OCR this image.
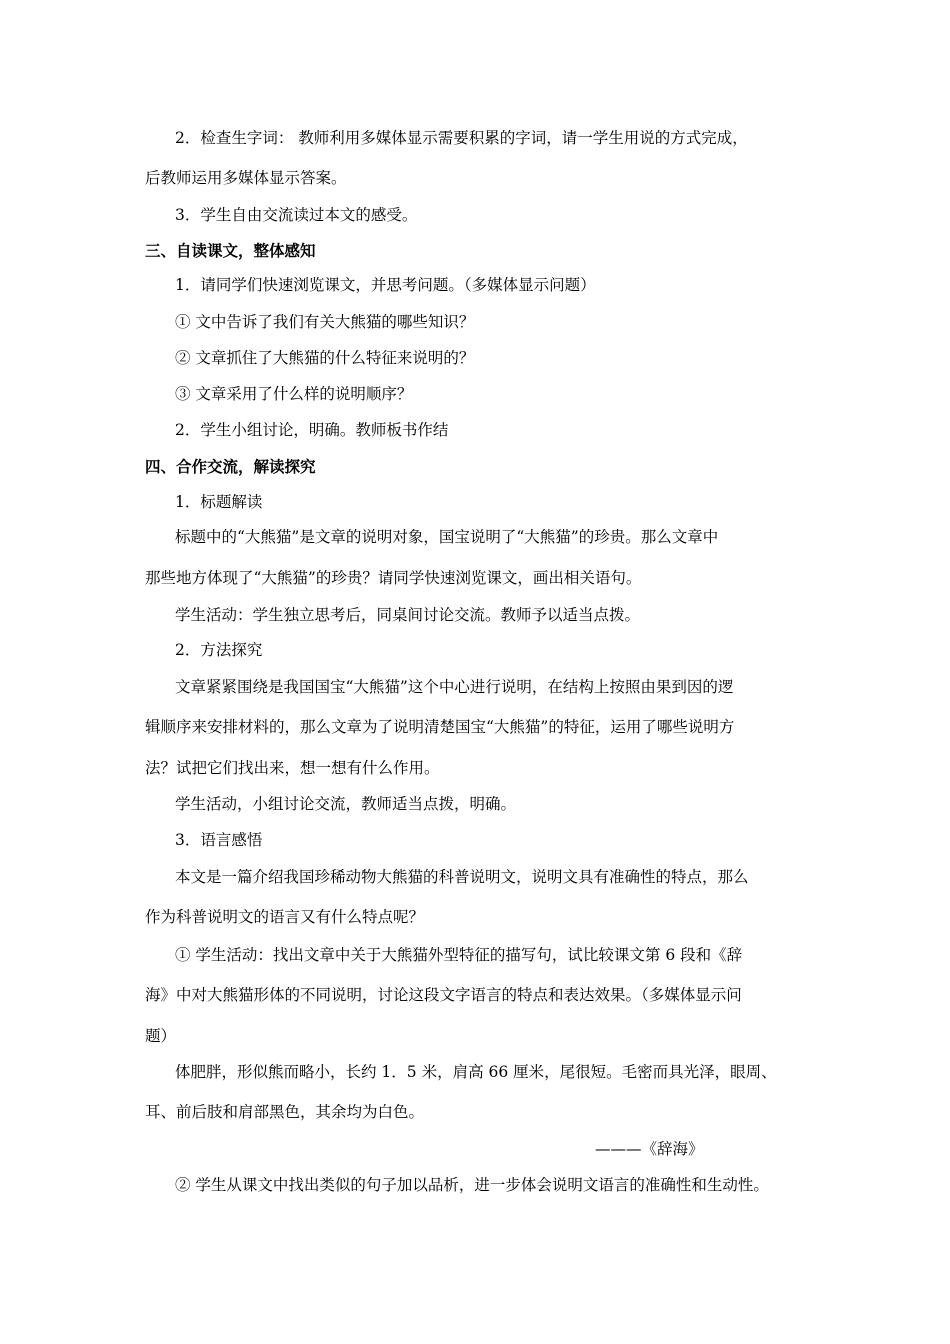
2．检查生字词： 教师利用多媒体显示需要积累的字词，请一学生用说的方式完成，
后教师运用多媒体显示答案。
3．学生自由交流读过本文的感受。
三、自读课文，整体感知
1．请同学们快速浏览课文，并思考问题。（多媒体显示问题）
① 文中告诉了我们有关大熊猫的哪些知识？
② 文章抓住了大熊猫的什么特征来说明的？
③ 文章采用了什么样的说明顺序？
2．学生小组讨论，明确。教师板书作结
四、合作交流，解读探究
1．标题解读
标题中的“大熊猫”是文章的说明对象，国宝说明了“大熊猫”的珍贵。那么文章中
那些地方体现了“大熊猫”的珍贵？请同学快速浏览课文，画出相关语句。
学生活动：学生独立思考后，同桌间讨论交流。教师予以适当点拨。
2．方法探究
文章紧紧围绕是我国国宝“大熊猫”这个中心进行说明，在结构上按照由果到因的逻
辑顺序来安排材料的，那么文章为了说明清楚国宝“大熊猫”的特征，运用了哪些说明方
法？试把它们找出来，想一想有什么作用。
学生活动，小组讨论交流，教师适当点拨，明确。
3．语言感悟
本文是一篇介绍我国珍稀动物大熊猫的科普说明文，说明文具有准确性的特点，那么
作为科普说明文的语言又有什么特点呢？
① 学生活动：找出文章中关于大熊猫外型特征的描写句，试比较课文第 6 段和《辞
海》中对大熊猫形体的不同说明，讨论这段文字语言的特点和表达效果。（多媒体显示问
题）
体肥胖，形似熊而略小，长约 1．5 米，肩高 66 厘米，尾很短。毛密而具光泽，眼周、
耳、前后肢和肩部黑色，其余均为白色。
———《辞海》
② 学生从课文中找出类似的句子加以品析，进一步体会说明文语言的准确性和生动性。
